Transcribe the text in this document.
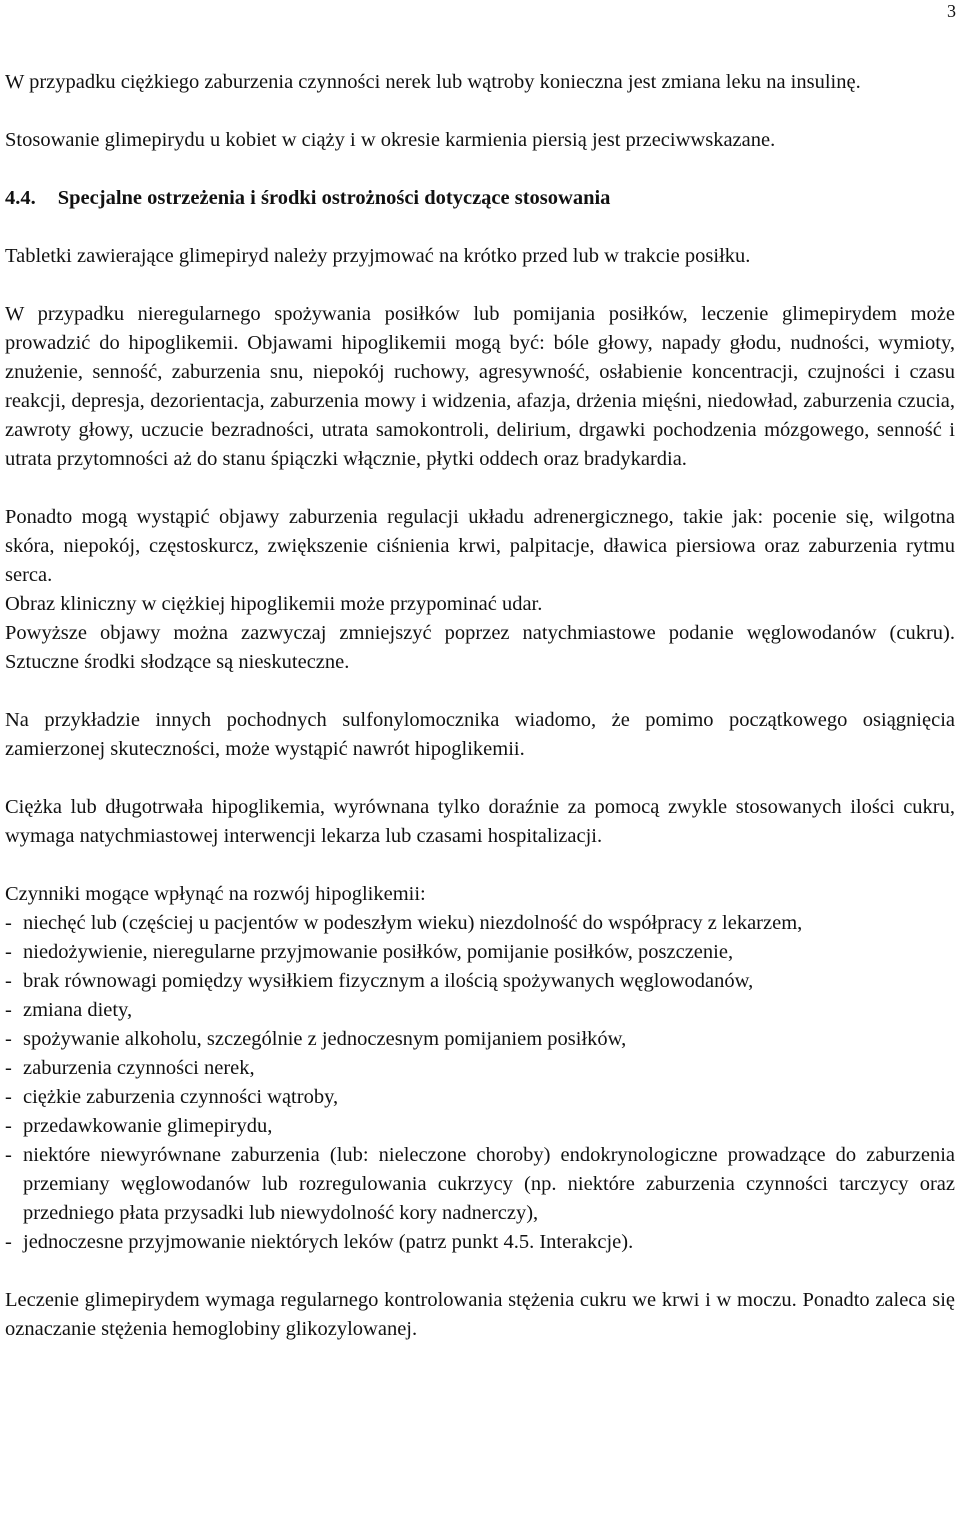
3

W przypadku ciężkiego zaburzenia czynności nerek lub wątroby konieczna jest zmiana leku na insulinę.

Stosowanie glimepirydu u kobiet w ciąży i w okresie karmienia piersią jest przeciwwskazane.

4.4. Specjalne ostrzeżenia i środki ostrożności dotyczące stosowania

Tabletki zawierające glimepiryd należy przyjmować na krótko przed lub w trakcie posiłku.

W przypadku nieregularnego spożywania posiłków lub pomijania posiłków, leczenie glimepirydem może prowadzić do hipoglikemii. Objawami hipoglikemii mogą być: bóle głowy, napady głodu, nudności, wymioty, znużenie, senność, zaburzenia snu, niepokój ruchowy, agresywność, osłabienie koncentracji, czujności i czasu reakcji, depresja, dezorientacja, zaburzenia mowy i widzenia, afazja, drżenia mięśni, niedowład, zaburzenia czucia, zawroty głowy, uczucie bezradności, utrata samokontroli, delirium, drgawki pochodzenia mózgowego, senność i utrata przytomności aż do stanu śpiączki włącznie, płytki oddech oraz bradykardia.

Ponadto mogą wystąpić objawy zaburzenia regulacji układu adrenergicznego, takie jak: pocenie się, wilgotna skóra, niepokój, częstoskurcz, zwiększenie ciśnienia krwi, palpitacje, dławica piersiowa oraz zaburzenia rytmu serca.

Obraz kliniczny w ciężkiej hipoglikemii może przypominać udar.

Powyższe objawy można zazwyczaj zmniejszyć poprzez natychmiastowe podanie węglowodanów (cukru). Sztuczne środki słodzące są nieskuteczne.

Na przykładzie innych pochodnych sulfonylomocznika wiadomo, że pomimo początkowego osiągnięcia zamierzonej skuteczności, może wystąpić nawrót hipoglikemii.

Ciężka lub długotrwała hipoglikemia, wyrównana tylko doraźnie za pomocą zwykle stosowanych ilości cukru, wymaga natychmiastowej interwencji lekarza lub czasami hospitalizacji.

Czynniki mogące wpłynąć na rozwój hipoglikemii:

- niechęć lub (częściej u pacjentów w podeszłym wieku) niezdolność do współpracy z lekarzem,
- niedożywienie, nieregularne przyjmowanie posiłków, pomijanie posiłków, poszczenie,
- brak równowagi pomiędzy wysiłkiem fizycznym a ilością spożywanych węglowodanów,
- zmiana diety,
- spożywanie alkoholu, szczególnie z jednoczesnym pomijaniem posiłków,
- zaburzenia czynności nerek,
- ciężkie zaburzenia czynności wątroby,
- przedawkowanie glimepirydu,
- niektóre niewyrównane zaburzenia (lub: nieleczone choroby) endokrynologiczne prowadzące do zaburzenia przemiany węglowodanów lub rozregulowania cukrzycy (np. niektóre zaburzenia czynności tarczycy oraz przedniego płata przysadki lub niewydolność kory nadnerczy),
- jednoczesne przyjmowanie niektórych leków (patrz punkt 4.5. Interakcje).

Leczenie glimepirydem wymaga regularnego kontrolowania stężenia cukru we krwi i w moczu. Ponadto zaleca się oznaczanie stężenia hemoglobiny glikozylowanej.
